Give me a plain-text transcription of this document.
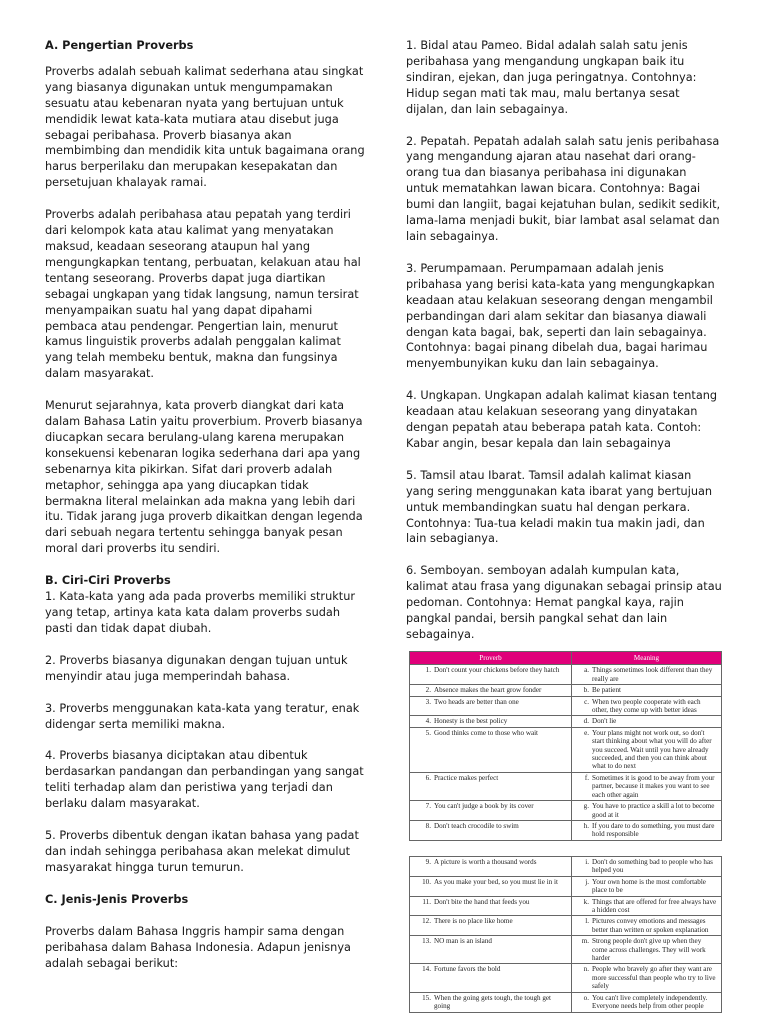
A. Pengertian Proverbs
Proverbs adalah sebuah kalimat sederhana atau singkat yang biasanya digunakan untuk mengumpamakan sesuatu atau kebenaran nyata yang bertujuan untuk mendidik lewat kata-kata mutiara atau disebut juga sebagai peribahasa. Proverb biasanya akan membimbing dan mendidik kita untuk bagaimana orang harus berperilaku dan merupakan kesepakatan dan persetujuan khalayak ramai.
Proverbs adalah peribahasa atau pepatah yang terdiri dari kelompok kata atau kalimat yang menyatakan maksud, keadaan seseorang ataupun hal yang mengungkapkan tentang, perbuatan, kelakuan atau hal tentang seseorang. Proverbs dapat juga diartikan sebagai ungkapan yang tidak langsung, namun tersirat menyampaikan suatu hal yang dapat dipahami pembaca atau pendengar. Pengertian lain, menurut kamus linguistik proverbs adalah penggalan kalimat yang telah membeku bentuk, makna dan fungsinya dalam masyarakat.
Menurut sejarahnya, kata proverb diangkat dari kata dalam Bahasa Latin yaitu proverbium. Proverb biasanya diucapkan secara berulang-ulang karena merupakan konsekuensi kebenaran logika sederhana dari apa yang sebenarnya kita pikirkan. Sifat dari proverb adalah metaphor, sehingga apa yang diucapkan tidak bermakna literal melainkan ada makna yang lebih dari itu. Tidak jarang juga proverb dikaitkan dengan legenda dari sebuah negara tertentu sehingga banyak pesan moral dari proverbs itu sendiri.
B. Ciri-Ciri Proverbs
1. Kata-kata yang ada pada proverbs memiliki struktur yang tetap, artinya kata kata dalam proverbs sudah pasti dan tidak dapat diubah.
2. Proverbs biasanya digunakan dengan tujuan untuk menyindir atau juga memperindah bahasa.
3. Proverbs menggunakan kata-kata yang teratur, enak didengar serta memiliki makna.
4. Proverbs biasanya diciptakan atau dibentuk berdasarkan pandangan dan perbandingan yang sangat teliti terhadap alam dan peristiwa yang terjadi dan berlaku dalam masyarakat.
5. Proverbs dibentuk dengan ikatan bahasa yang padat dan indah sehingga peribahasa akan melekat dimulut masyarakat hingga turun temurun.
C. Jenis-Jenis Proverbs
Proverbs dalam Bahasa Inggris hampir sama dengan peribahasa dalam Bahasa Indonesia. Adapun jenisnya adalah sebagai berikut:
1. Bidal atau Pameo. Bidal adalah salah satu jenis peribahasa yang mengandung ungkapan baik itu sindiran, ejekan, dan juga peringatnya. Contohnya: Hidup segan mati tak mau, malu bertanya sesat dijalan, dan lain sebagainya.
2. Pepatah. Pepatah adalah salah satu jenis peribahasa yang mengandung ajaran atau nasehat dari orang-orang tua dan biasanya peribahasa ini digunakan untuk mematahkan lawan bicara. Contohnya: Bagai bumi dan langiit, bagai kejatuhan bulan, sedikit sedikit, lama-lama menjadi bukit, biar lambat asal selamat dan lain sebagainya.
3. Perumpamaan. Perumpamaan adalah jenis pribahasa yang berisi kata-kata yang mengungkapkan keadaan atau kelakuan seseorang dengan mengambil perbandingan dari alam sekitar dan biasanya diawali dengan kata bagai, bak, seperti dan lain sebagainya. Contohnya: bagai pinang dibelah dua, bagai harimau menyembunyikan kuku dan lain sebagainya.
4. Ungkapan. Ungkapan adalah kalimat kiasan tentang keadaan atau kelakuan seseorang yang dinyatakan dengan pepatah atau beberapa patah kata. Contoh: Kabar angin, besar kepala dan lain sebagainya
5. Tamsil atau Ibarat. Tamsil adalah kalimat kiasan yang sering menggunakan kata ibarat yang bertujuan untuk membandingkan suatu hal dengan perkara. Contohnya: Tua-tua keladi makin tua makin jadi, dan lain sebagianya.
6. Semboyan. semboyan adalah kumpulan kata, kalimat atau frasa yang digunakan sebagai prinsip atau pedoman. Contohnya: Hemat pangkal kaya, rajin pangkal pandai, bersih pangkal sehat dan lain sebagainya.
Proverb	Meaning

1. Don't count your chickens before they hatch	a. Things sometimes look different than they really are

2. Absence makes the heart grow fonder	b. Be patient

3. Two heads are better than one	c. When two people cooperate with each other, they come up with better ideas

4. Honesty is the best policy	d. Don't lie

5. Good thinks come to those who wait	e. Your plans might not work out, so don't start thinking about what you will do after you succeed. Wait until you have already succeeded, and then you can think about what to do next

6. Practice makes perfect	f. Sometimes it is good to be away from your partner, because it makes you want to see each other again

7. You can't judge a book by its cover	g. You have to practice a skill a lot to become good at it

8. Don't teach crocodile to swim	h. If you dare to do something, you must dare hold responsible
9. A picture is worth a thousand words	i. Don't do something bad to people who has helped you

10. As you make your bed, so you must lie in it	j. Your own home is the most comfortable place to be

11. Don't bite the hand that feeds you	k. Things that are offered for free always have a hidden cost

12. There is no place like home	l. Pictures convey emotions and messages better than written or spoken explanation

13. NO man is an island	m. Strong people don't give up when they come across challenges. They will work harder

14. Fortune favors the bold	n. People who bravely go after they want are more successful than people who try to live safely

15. When the going gets tough, the tough get going	o. You can't live completely independently. Everyone needs help from other people
